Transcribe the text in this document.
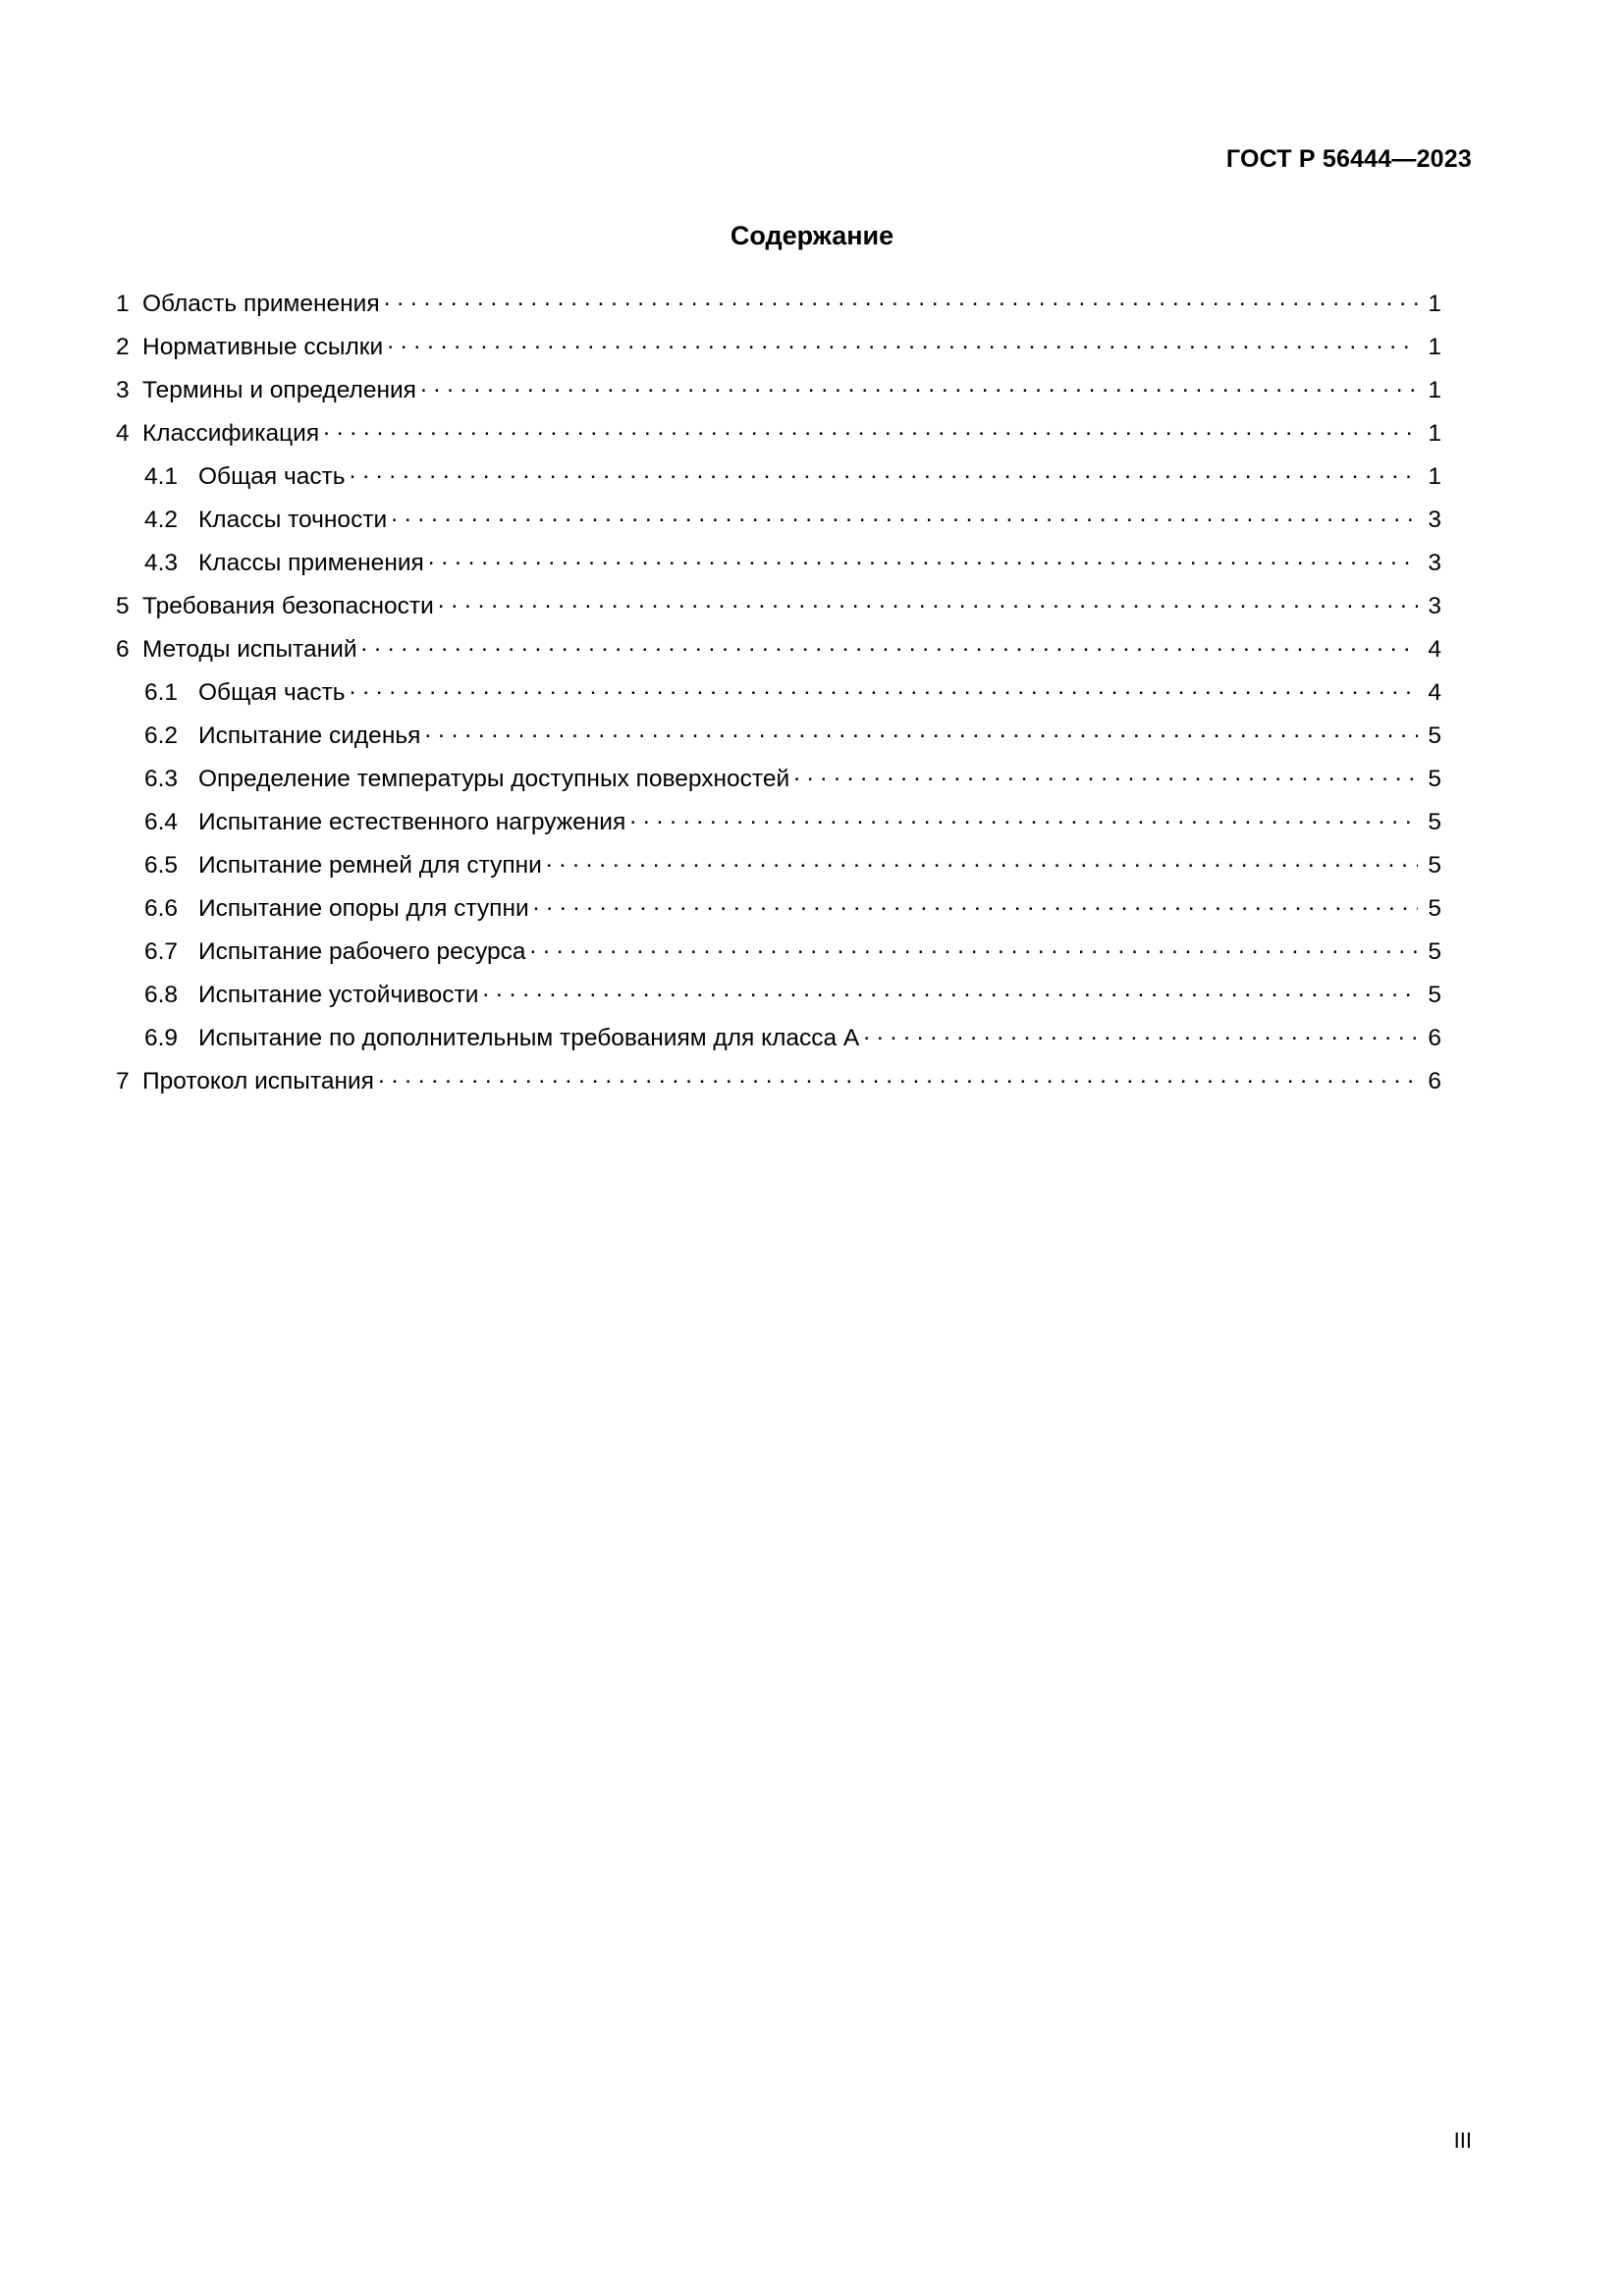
ГОСТ Р 56444—2023
Содержание
1 Область применения . . .	1
2 Нормативные ссылки . . .	1
3 Термины и определения . . .	1
4 Классификация . . .	1
4.1 Общая часть . . .	1
4.2 Классы точности . . .	3
4.3 Классы применения . . .	3
5 Требования безопасности . . .	3
6 Методы испытаний . . .	4
6.1 Общая часть . . .	4
6.2 Испытание сиденья . . .	5
6.3 Определение температуры доступных поверхностей . . .	5
6.4 Испытание естественного нагружения . . .	5
6.5 Испытание ремней для ступни . . .	5
6.6 Испытание опоры для ступни . . .	5
6.7 Испытание рабочего ресурса . . .	5
6.8 Испытание устойчивости . . .	5
6.9 Испытание по дополнительным требованиям для класса А . . .	6
7 Протокол испытания . . .	6
III
